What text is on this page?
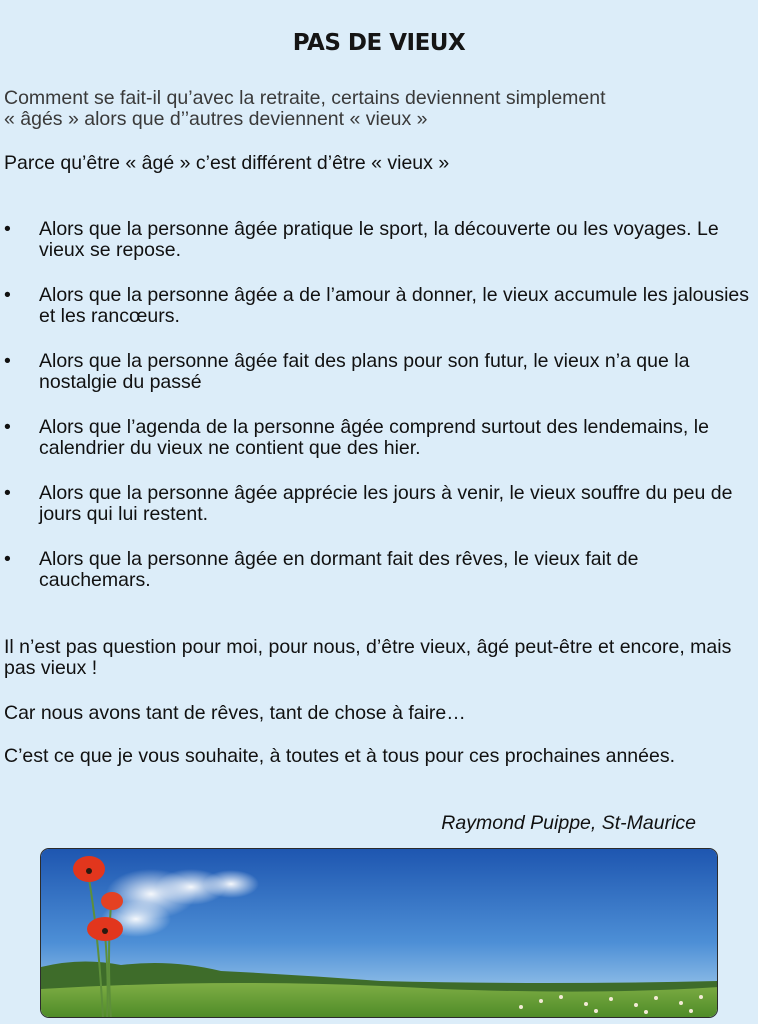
PAS DE VIEUX
Comment se fait-il qu’avec la retraite, certains deviennent simplement
« âgés » alors que d’’autres deviennent « vieux »
Parce qu’être « âgé » c’est différent d’être « vieux »
• Alors que la personne âgée pratique le sport, la découverte ou les voyages. Le vieux se repose.
• Alors que la personne âgée a de l’amour à donner, le vieux accumule les jalousies et les rancœurs.
• Alors que la personne âgée fait des plans pour son futur, le vieux n’a que la nostalgie du passé
• Alors que l’agenda de la personne âgée comprend surtout des lendemains, le calendrier du vieux ne contient que des hier.
• Alors que la personne âgée apprécie les jours à venir, le vieux souffre du peu de jours qui lui restent.
• Alors que la personne âgée en dormant fait des rêves, le vieux fait de cauchemars.
Il n’est pas question pour moi, pour nous, d’être vieux, âgé peut-être et encore, mais pas vieux !
Car nous avons tant de rêves, tant de chose à faire…
C’est ce que je vous souhaite, à toutes et à tous pour ces prochaines années.
Raymond Puippe, St-Maurice
